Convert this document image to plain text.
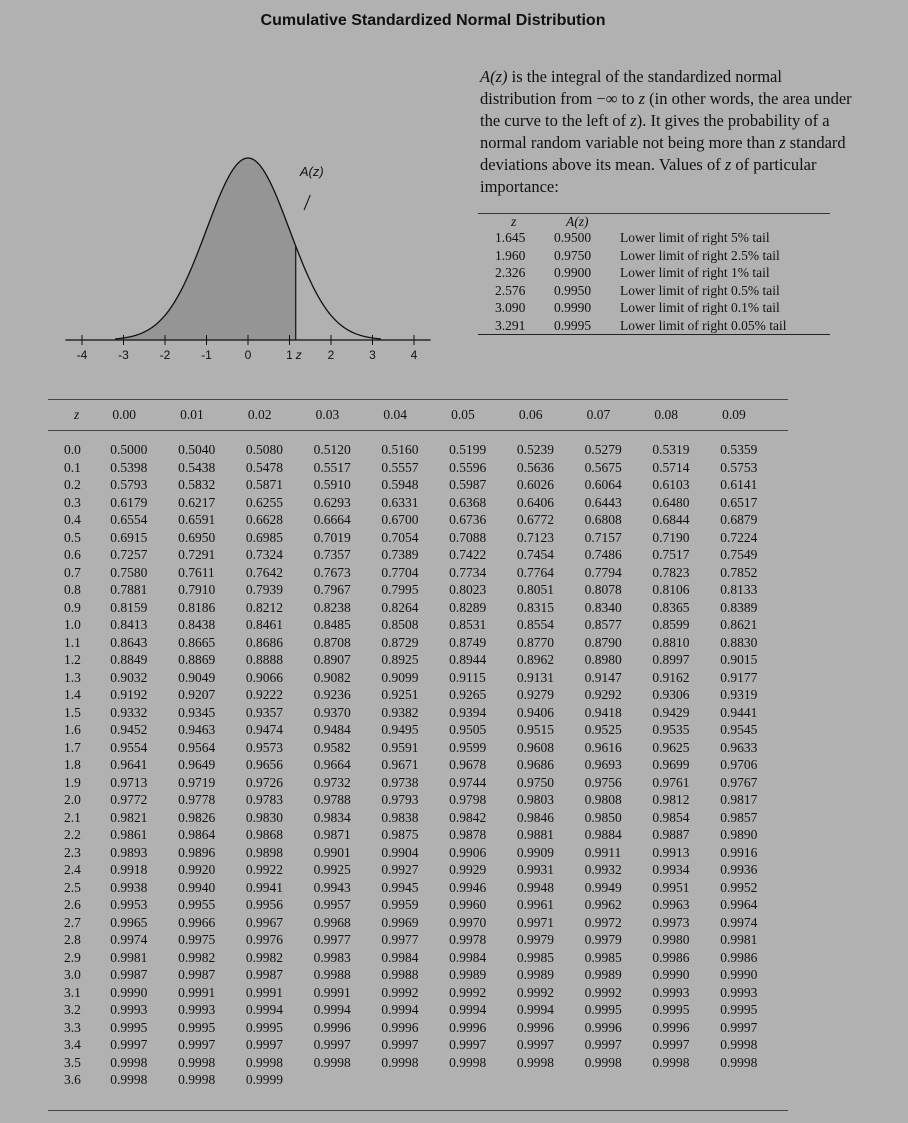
Cumulative Standardized Normal Distribution
A(z)
-4	-3	-2	-1	0	1	2	3	4
z
A(z) is the integral of the standardized normal distribution from −∞ to z (in other words, the area under the curve to the left of z). It gives the probability of a normal random variable not being more than z standard deviations above its mean. Values of z of particular importance:
z	A(z)
1.645	0.9500	Lower limit of right 5% tail
1.960	0.9750	Lower limit of right 2.5% tail
2.326	0.9900	Lower limit of right 1% tail
2.576	0.9950	Lower limit of right 0.5% tail
3.090	0.9990	Lower limit of right 0.1% tail
3.291	0.9995	Lower limit of right 0.05% tail
z	0.00	0.01	0.02	0.03	0.04	0.05	0.06	0.07	0.08	0.09
0.0	0.5000	0.5040	0.5080	0.5120	0.5160	0.5199	0.5239	0.5279	0.5319	0.5359
0.1	0.5398	0.5438	0.5478	0.5517	0.5557	0.5596	0.5636	0.5675	0.5714	0.5753
0.2	0.5793	0.5832	0.5871	0.5910	0.5948	0.5987	0.6026	0.6064	0.6103	0.6141
0.3	0.6179	0.6217	0.6255	0.6293	0.6331	0.6368	0.6406	0.6443	0.6480	0.6517
0.4	0.6554	0.6591	0.6628	0.6664	0.6700	0.6736	0.6772	0.6808	0.6844	0.6879
0.5	0.6915	0.6950	0.6985	0.7019	0.7054	0.7088	0.7123	0.7157	0.7190	0.7224
0.6	0.7257	0.7291	0.7324	0.7357	0.7389	0.7422	0.7454	0.7486	0.7517	0.7549
0.7	0.7580	0.7611	0.7642	0.7673	0.7704	0.7734	0.7764	0.7794	0.7823	0.7852
0.8	0.7881	0.7910	0.7939	0.7967	0.7995	0.8023	0.8051	0.8078	0.8106	0.8133
0.9	0.8159	0.8186	0.8212	0.8238	0.8264	0.8289	0.8315	0.8340	0.8365	0.8389
1.0	0.8413	0.8438	0.8461	0.8485	0.8508	0.8531	0.8554	0.8577	0.8599	0.8621
1.1	0.8643	0.8665	0.8686	0.8708	0.8729	0.8749	0.8770	0.8790	0.8810	0.8830
1.2	0.8849	0.8869	0.8888	0.8907	0.8925	0.8944	0.8962	0.8980	0.8997	0.9015
1.3	0.9032	0.9049	0.9066	0.9082	0.9099	0.9115	0.9131	0.9147	0.9162	0.9177
1.4	0.9192	0.9207	0.9222	0.9236	0.9251	0.9265	0.9279	0.9292	0.9306	0.9319
1.5	0.9332	0.9345	0.9357	0.9370	0.9382	0.9394	0.9406	0.9418	0.9429	0.9441
1.6	0.9452	0.9463	0.9474	0.9484	0.9495	0.9505	0.9515	0.9525	0.9535	0.9545
1.7	0.9554	0.9564	0.9573	0.9582	0.9591	0.9599	0.9608	0.9616	0.9625	0.9633
1.8	0.9641	0.9649	0.9656	0.9664	0.9671	0.9678	0.9686	0.9693	0.9699	0.9706
1.9	0.9713	0.9719	0.9726	0.9732	0.9738	0.9744	0.9750	0.9756	0.9761	0.9767
2.0	0.9772	0.9778	0.9783	0.9788	0.9793	0.9798	0.9803	0.9808	0.9812	0.9817
2.1	0.9821	0.9826	0.9830	0.9834	0.9838	0.9842	0.9846	0.9850	0.9854	0.9857
2.2	0.9861	0.9864	0.9868	0.9871	0.9875	0.9878	0.9881	0.9884	0.9887	0.9890
2.3	0.9893	0.9896	0.9898	0.9901	0.9904	0.9906	0.9909	0.9911	0.9913	0.9916
2.4	0.9918	0.9920	0.9922	0.9925	0.9927	0.9929	0.9931	0.9932	0.9934	0.9936
2.5	0.9938	0.9940	0.9941	0.9943	0.9945	0.9946	0.9948	0.9949	0.9951	0.9952
2.6	0.9953	0.9955	0.9956	0.9957	0.9959	0.9960	0.9961	0.9962	0.9963	0.9964
2.7	0.9965	0.9966	0.9967	0.9968	0.9969	0.9970	0.9971	0.9972	0.9973	0.9974
2.8	0.9974	0.9975	0.9976	0.9977	0.9977	0.9978	0.9979	0.9979	0.9980	0.9981
2.9	0.9981	0.9982	0.9982	0.9983	0.9984	0.9984	0.9985	0.9985	0.9986	0.9986
3.0	0.9987	0.9987	0.9987	0.9988	0.9988	0.9989	0.9989	0.9989	0.9990	0.9990
3.1	0.9990	0.9991	0.9991	0.9991	0.9992	0.9992	0.9992	0.9992	0.9993	0.9993
3.2	0.9993	0.9993	0.9994	0.9994	0.9994	0.9994	0.9994	0.9995	0.9995	0.9995
3.3	0.9995	0.9995	0.9995	0.9996	0.9996	0.9996	0.9996	0.9996	0.9996	0.9997
3.4	0.9997	0.9997	0.9997	0.9997	0.9997	0.9997	0.9997	0.9997	0.9997	0.9998
3.5	0.9998	0.9998	0.9998	0.9998	0.9998	0.9998	0.9998	0.9998	0.9998	0.9998
3.6	0.9998	0.9998	0.9999
